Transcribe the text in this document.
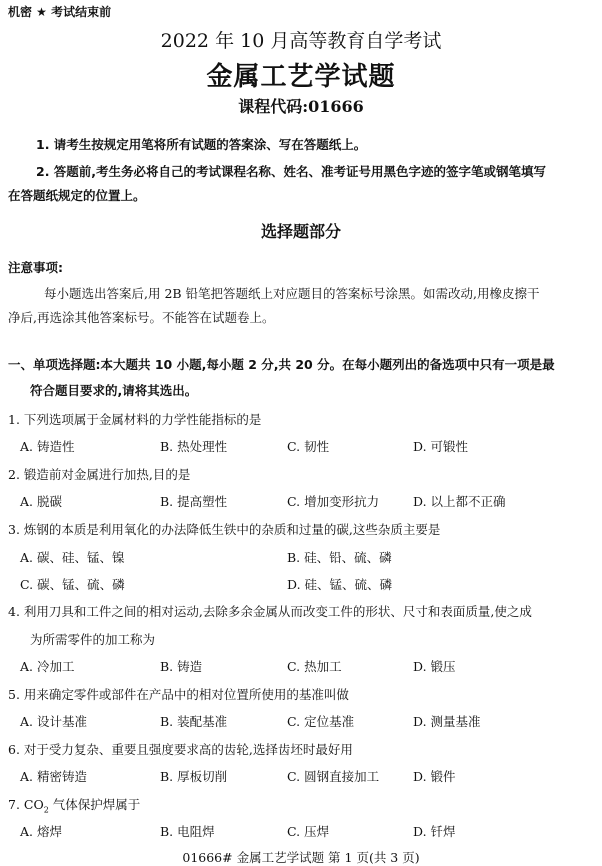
机密 ★ 考试结束前
2022 年 10 月高等教育自学考试
金属工艺学试题
课程代码:01666
1. 请考生按规定用笔将所有试题的答案涂、写在答题纸上。
2. 答题前,考生务必将自己的考试课程名称、姓名、准考证号用黑色字迹的签字笔或钢笔填写
在答题纸规定的位置上。
选择题部分
注意事项:
每小题选出答案后,用 2B 铅笔把答题纸上对应题目的答案标号涂黑。如需改动,用橡皮擦干
净后,再选涂其他答案标号。不能答在试题卷上。
一、单项选择题:本大题共 10 小题,每小题 2 分,共 20 分。在每小题列出的备选项中只有一项是最
符合题目要求的,请将其选出。
1. 下列选项属于金属材料的力学性能指标的是
A. 铸造性	B. 热处理性	C. 韧性	D. 可锻性
2. 锻造前对金属进行加热,目的是
A. 脱碳	B. 提高塑性	C. 增加变形抗力	D. 以上都不正确
3. 炼钢的本质是利用氧化的办法降低生铁中的杂质和过量的碳,这些杂质主要是
A. 碳、硅、锰、镍	B. 硅、铅、硫、磷
C. 碳、锰、硫、磷	D. 硅、锰、硫、磷
4. 利用刀具和工件之间的相对运动,去除多余金属从而改变工件的形状、尺寸和表面质量,使之成
为所需零件的加工称为
A. 冷加工	B. 铸造	C. 热加工	D. 锻压
5. 用来确定零件或部件在产品中的相对位置所使用的基准叫做
A. 设计基准	B. 装配基准	C. 定位基准	D. 测量基准
6. 对于受力复杂、重要且强度要求高的齿轮,选择齿坯时最好用
A. 精密铸造	B. 厚板切削	C. 圆钢直接加工	D. 锻件
7. $CO_2$ 气体保护焊属于
A. 熔焊	B. 电阻焊	C. 压焊	D. 钎焊
01666# 金属工艺学试题 第 1 页(共 3 页)
